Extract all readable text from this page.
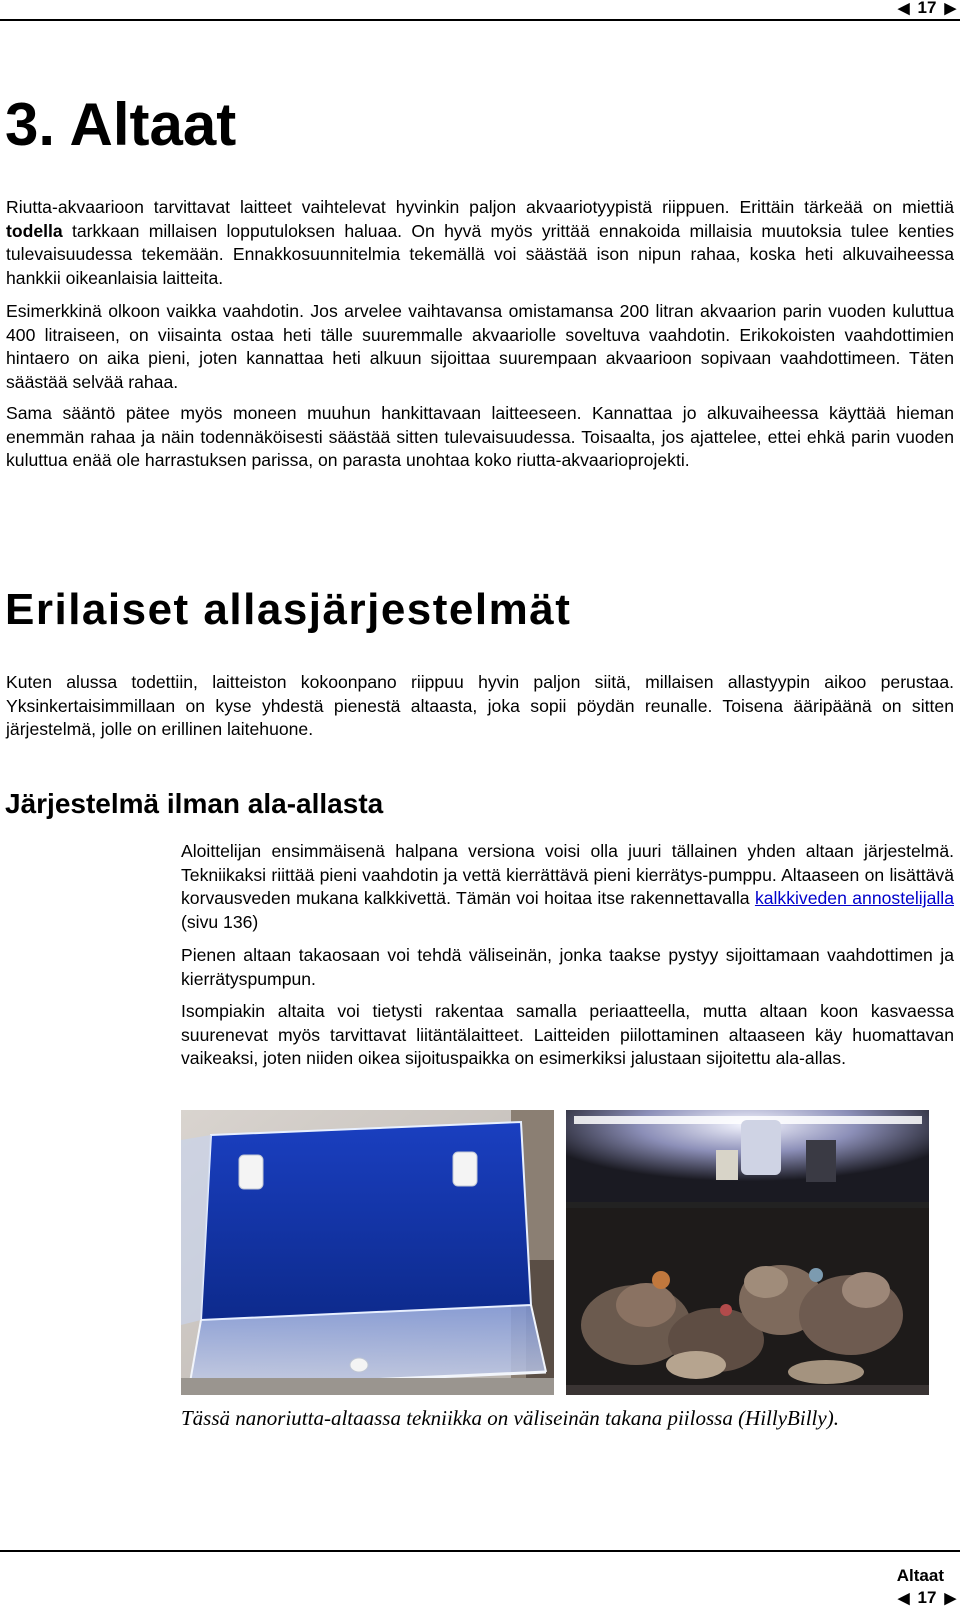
◀ 17 ▶
3. Altaat

Riutta-akvaarioon tarvittavat laitteet vaihtelevat hyvinkin paljon akvaariotyypistä riippuen. Erittäin tärkeää on miettiä todella tarkkaan millaisen lopputuloksen haluaa. On hyvä myös yrittää ennakoida millaisia muutoksia tulee kenties tulevaisuudessa tekemään. Ennakkosuunnitelmia tekemällä voi säästää ison nipun rahaa, koska heti alkuvaiheessa hankkii oikeanlaisia laitteita.

Esimerkkinä olkoon vaikka vaahdotin. Jos arvelee vaihtavansa omistamansa 200 litran akvaarion parin vuoden kuluttua 400 litraiseen, on viisainta ostaa heti tälle suuremmalle akvaariolle soveltuva vaahdotin. Erikokoisten vaahdottimien hintaero on aika pieni, joten kannattaa heti alkuun sijoittaa suurempaan akvaarioon sopivaan vaahdottimeen. Täten säästää selvää rahaa.

Sama sääntö pätee myös moneen muuhun hankittavaan laitteeseen. Kannattaa jo alkuvaiheessa käyttää hieman enemmän rahaa ja näin todennäköisesti säästää sitten tulevaisuudessa. Toisaalta, jos ajattelee, ettei ehkä parin vuoden kuluttua enää ole harrastuksen parissa, on parasta unohtaa koko riutta-akvaarioprojekti.

Erilaiset allasjärjestelmät

Kuten alussa todettiin, laitteiston kokoonpano riippuu hyvin paljon siitä, millaisen allastyypin aikoo perustaa. Yksinkertaisimmillaan on kyse yhdestä pienestä altaasta, joka sopii pöydän reunalle. Toisena ääripäänä on sitten järjestelmä, jolle on erillinen laitehuone.

Järjestelmä ilman ala-allasta

Aloittelijan ensimmäisenä halpana versiona voisi olla juuri tällainen yhden altaan järjestelmä. Tekniikaksi riittää pieni vaahdotin ja vettä kierrättävä pieni kierrätys-pumppu. Altaaseen on lisättävä korvausveden mukana kalkkivettä. Tämän voi hoitaa itse rakennettavalla kalkkiveden annostelijalla (sivu 136)

Pienen altaan takaosaan voi tehdä väliseinän, jonka taakse pystyy sijoittamaan vaahdottimen ja kierrätyspumpun.

Isompiakin altaita voi tietysti rakentaa samalla periaatteella, mutta altaan koon kasvaessa suurenevat myös tarvittavat liitäntälaitteet. Laitteiden piilottaminen altaaseen käy huomattavan vaikeaksi, joten niiden oikea sijoituspaikka on esimerkiksi jalustaan sijoitettu ala-allas.

Tässä nanoriutta-altaassa tekniikka on väliseinän takana piilossa (HillyBilly).
Altaat
◀ 17 ▶
